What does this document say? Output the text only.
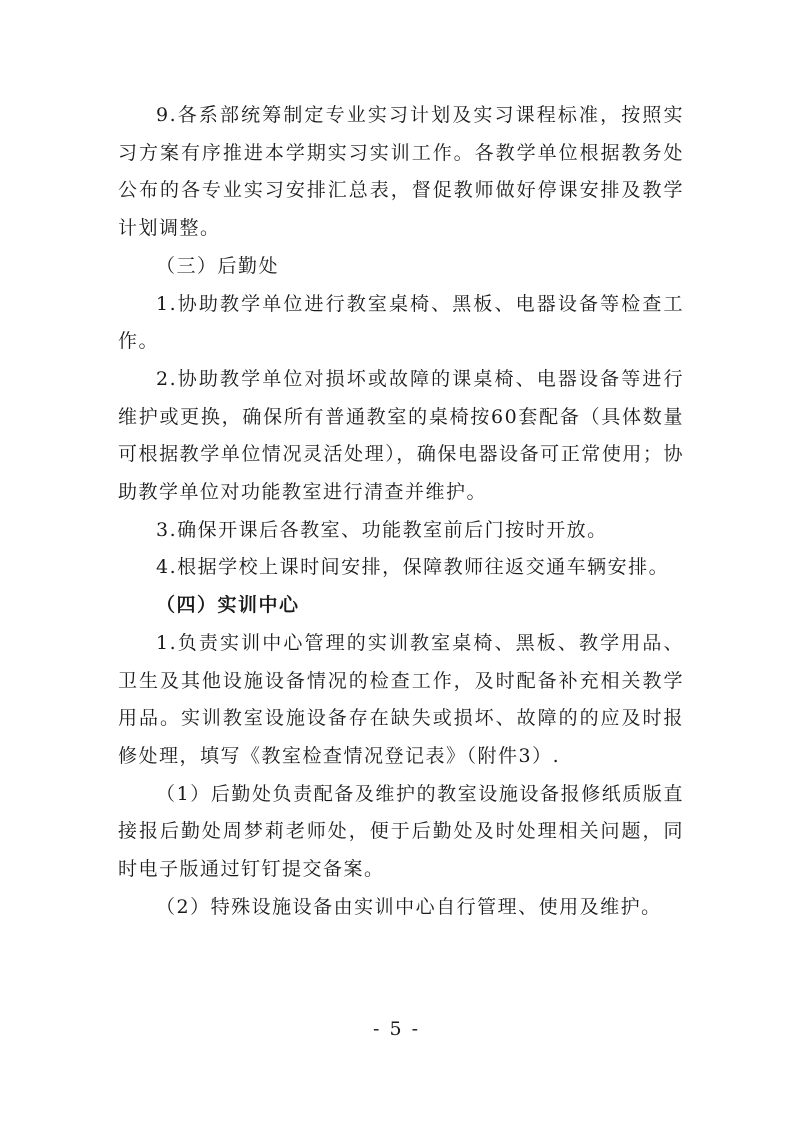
9.各系部统筹制定专业实习计划及实习课程标准，按照实习方案有序推进本学期实习实训工作。各教学单位根据教务处公布的各专业实习安排汇总表，督促教师做好停课安排及教学计划调整。

（三）后勤处

1.协助教学单位进行教室桌椅、黑板、电器设备等检查工作。

2.协助教学单位对损坏或故障的课桌椅、电器设备等进行维护或更换，确保所有普通教室的桌椅按60套配备（具体数量可根据教学单位情况灵活处理），确保电器设备可正常使用；协助教学单位对功能教室进行清查并维护。

3.确保开课后各教室、功能教室前后门按时开放。

4.根据学校上课时间安排，保障教师往返交通车辆安排。

（四）实训中心

1.负责实训中心管理的实训教室桌椅、黑板、教学用品、卫生及其他设施设备情况的检查工作，及时配备补充相关教学用品。实训教室设施设备存在缺失或损坏、故障的的应及时报修处理，填写《教室检查情况登记表》（附件3）.

（1）后勤处负责配备及维护的教室设施设备报修纸质版直接报后勤处周梦莉老师处，便于后勤处及时处理相关问题，同时电子版通过钉钉提交备案。

（2）特殊设施设备由实训中心自行管理、使用及维护。

- 5 -
